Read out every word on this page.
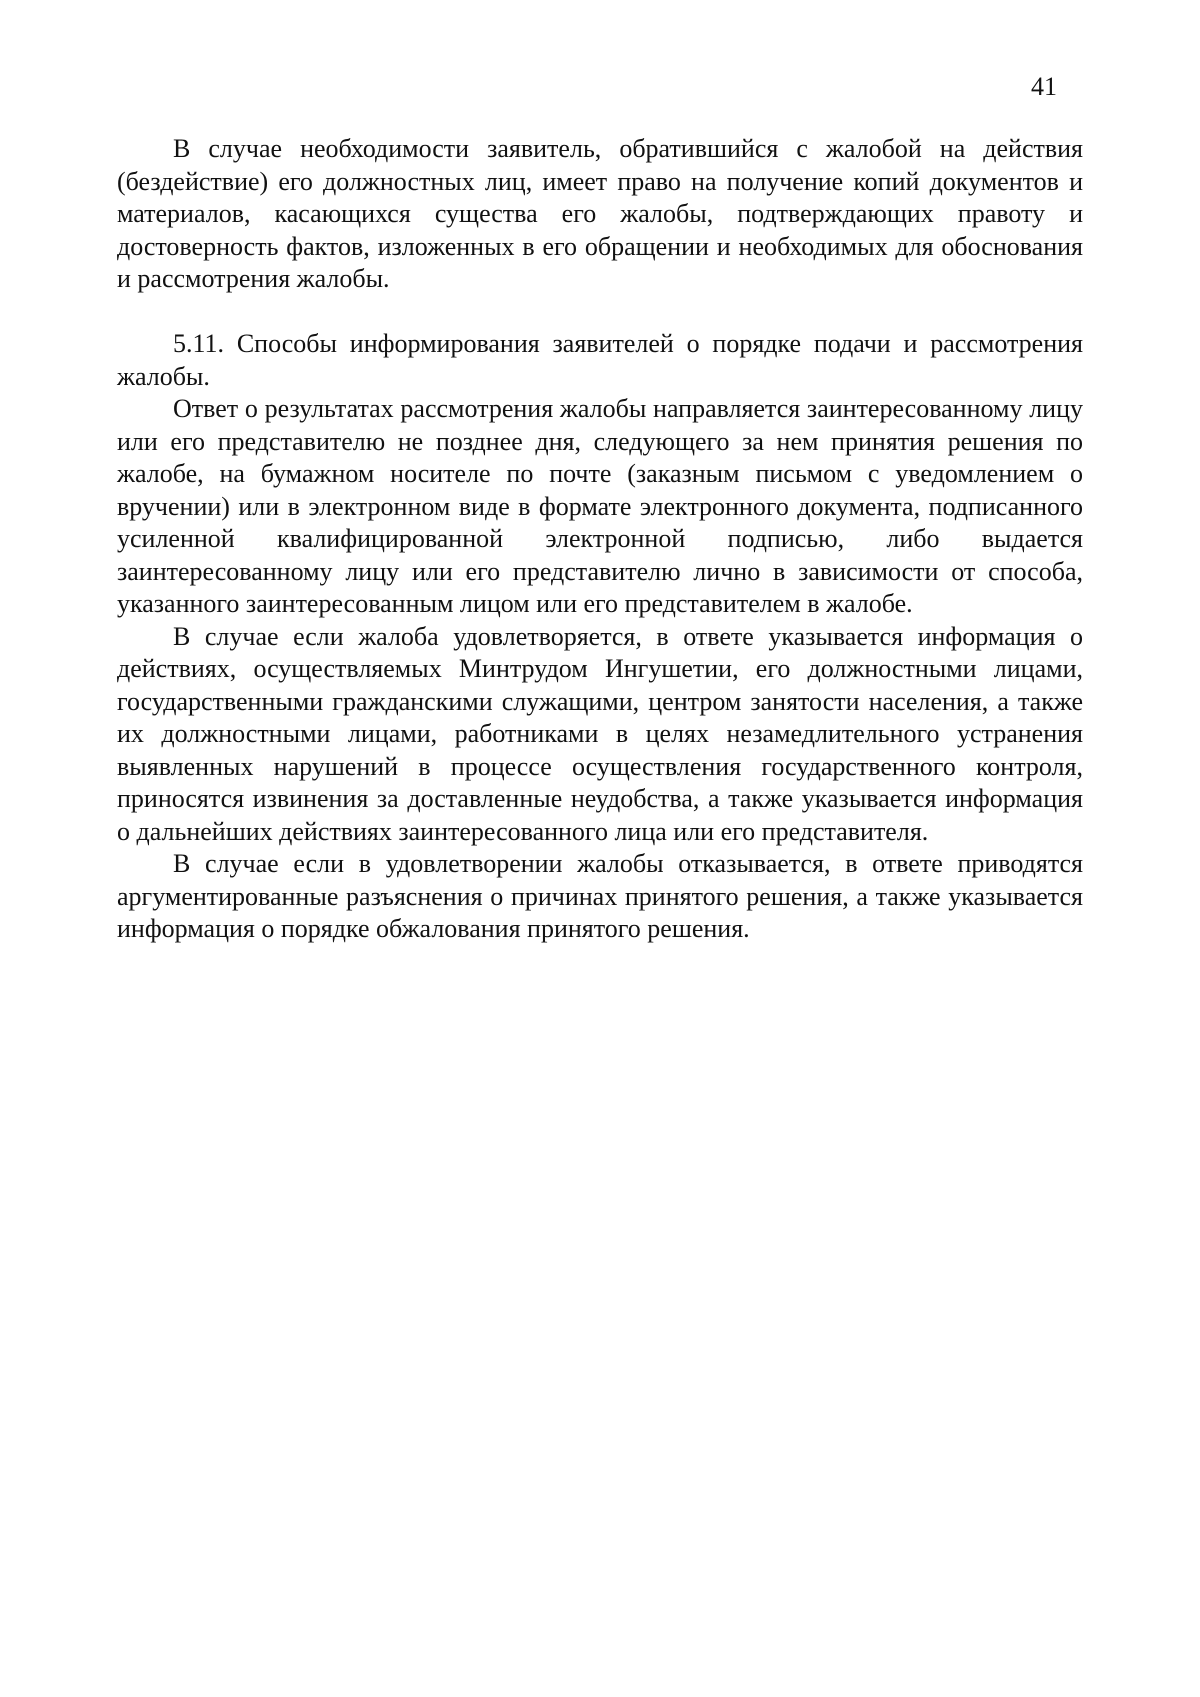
41

В случае необходимости заявитель, обратившийся с жалобой на действия (бездействие) его должностных лиц, имеет право на получение копий документов и материалов, касающихся существа его жалобы, подтверждающих правоту и достоверность фактов, изложенных в его обращении и необходимых для обоснования и рассмотрения жалобы.

5.11. Способы информирования заявителей о порядке подачи и рассмотрения жалобы.

Ответ о результатах рассмотрения жалобы направляется заинтересованному лицу или его представителю не позднее дня, следующего за нем принятия решения по жалобе, на бумажном носителе по почте (заказным письмом с уведомлением о вручении) или в электронном виде в формате электронного документа, подписанного усиленной квалифицированной электронной подписью, либо выдается заинтересованному лицу или его представителю лично в зависимости от способа, указанного заинтересованным лицом или его представителем в жалобе.

В случае если жалоба удовлетворяется, в ответе указывается информация о действиях, осуществляемых Минтрудом Ингушетии, его должностными лицами, государственными гражданскими служащими, центром занятости населения, а также их должностными лицами, работниками в целях незамедлительного устранения выявленных нарушений в процессе осуществления государственного контроля, приносятся извинения за доставленные неудобства, а также указывается информация о дальнейших действиях заинтересованного лица или его представителя.

В случае если в удовлетворении жалобы отказывается, в ответе приводятся аргументированные разъяснения о причинах принятого решения, а также указывается информация о порядке обжалования принятого решения.
